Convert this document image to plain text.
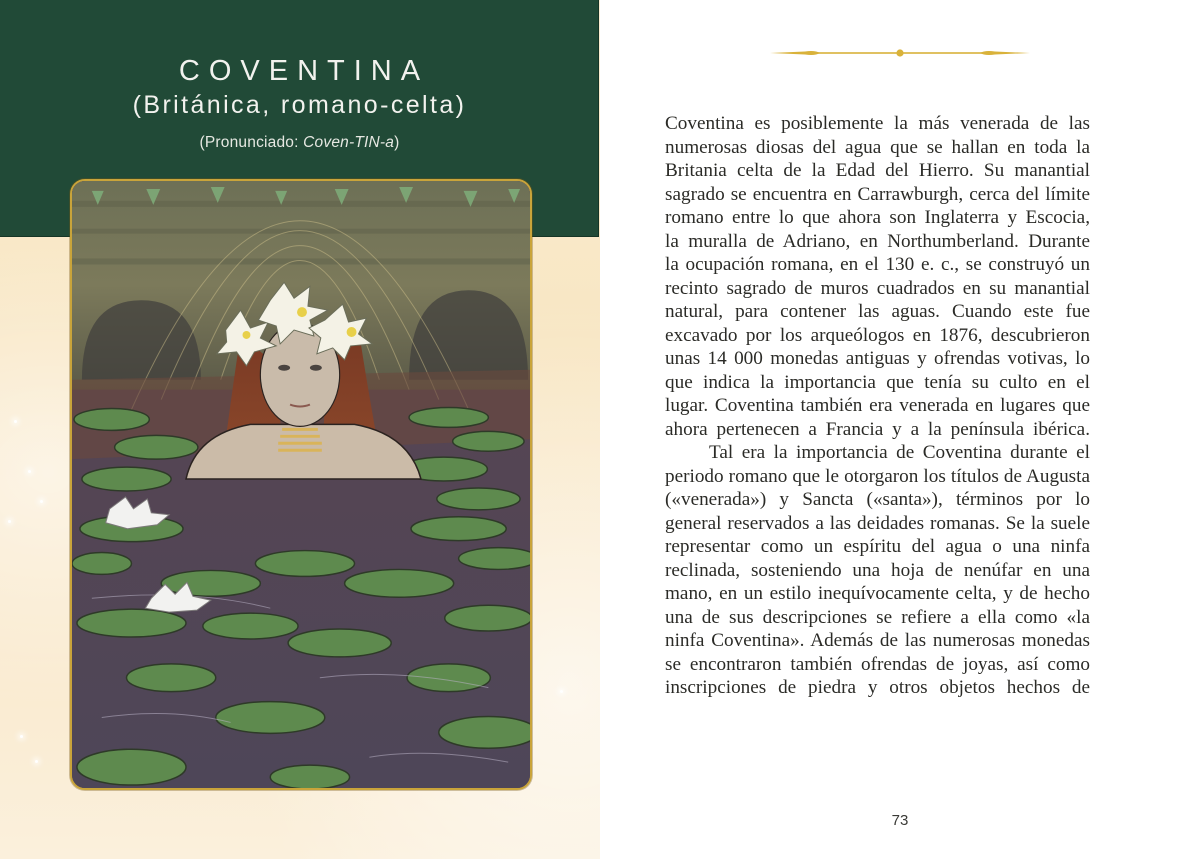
COVENTINA
(Británica, romano-celta)
(Pronunciado: Coven-TIN-a)
Coventina es posiblemente la más venerada de las
numerosas diosas del agua que se hallan en toda la
Britania celta de la Edad del Hierro. Su manantial
sagrado se encuentra en Carrawburgh, cerca del límite
romano entre lo que ahora son Inglaterra y Escocia,
la muralla de Adriano, en Northumberland. Durante
la ocupación romana, en el 130 e. c., se construyó un
recinto sagrado de muros cuadrados en su manantial
natural, para contener las aguas. Cuando este fue
excavado por los arqueólogos en 1876, descubrieron
unas 14 000 monedas antiguas y ofrendas votivas, lo
que indica la importancia que tenía su culto en el
lugar. Coventina también era venerada en lugares que
ahora pertenecen a Francia y a la península ibérica.
Tal era la importancia de Coventina durante el
periodo romano que le otorgaron los títulos de Augusta
(«venerada») y Sancta («santa»), términos por lo
general reservados a las deidades romanas. Se la suele
representar como un espíritu del agua o una ninfa
reclinada, sosteniendo una hoja de nenúfar en una
mano, en un estilo inequívocamente celta, y de hecho
una de sus descripciones se refiere a ella como «la
ninfa Coventina». Además de las numerosas monedas
se encontraron también ofrendas de joyas, así como
inscripciones de piedra y otros objetos hechos de
73
